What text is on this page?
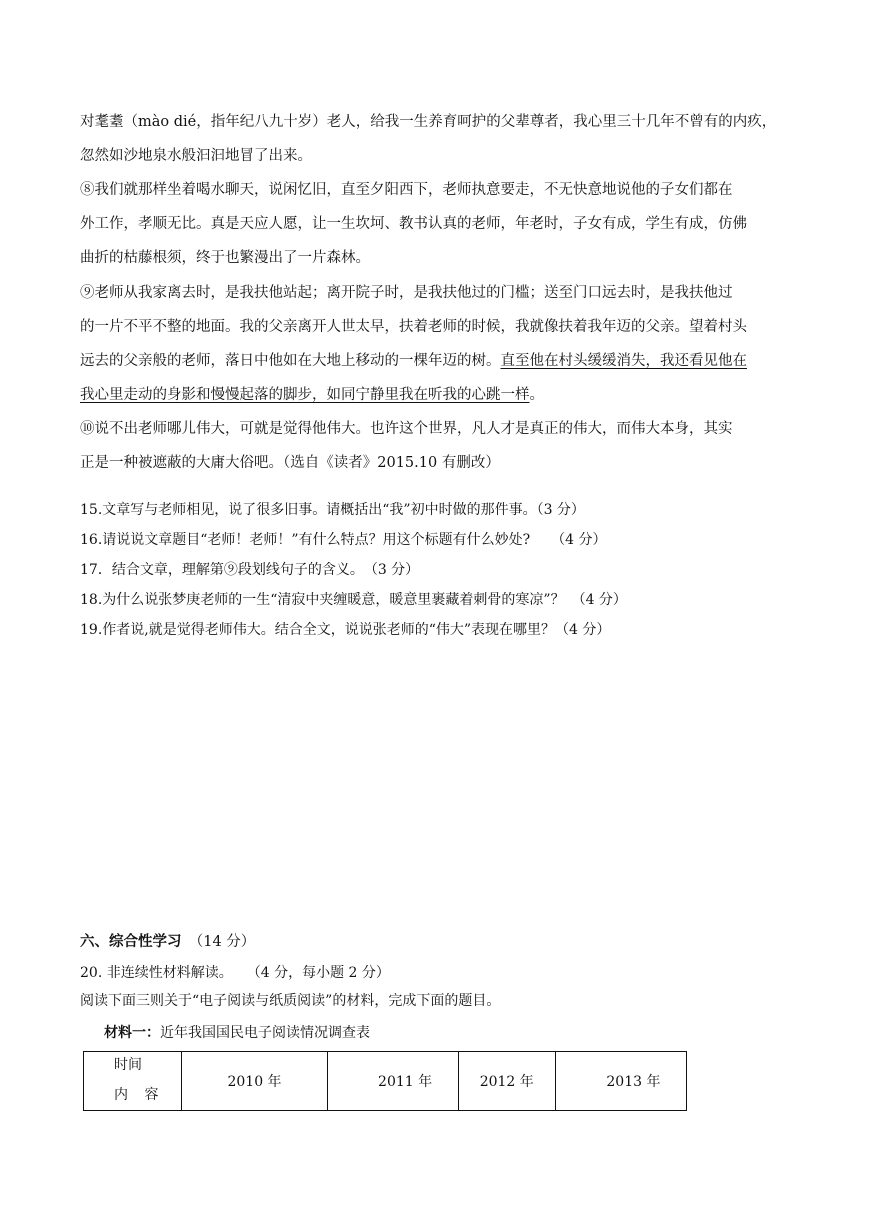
对耄耋（mào dié，指年纪八九十岁）老人，给我一生养育呵护的父辈尊者，我心里三十几年不曾有的内疚，
忽然如沙地泉水般汩汩地冒了出来。
⑧我们就那样坐着喝水聊天，说闲忆旧，直至夕阳西下，老师执意要走，不无快意地说他的子女们都在
外工作，孝顺无比。真是天应人愿，让一生坎坷、教书认真的老师，年老时，子女有成，学生有成，仿佛
曲折的枯藤根须，终于也繁漫出了一片森林。
⑨老师从我家离去时，是我扶他站起；离开院子时，是我扶他过的门槛；送至门口远去时，是我扶他过
的一片不平不整的地面。我的父亲离开人世太早，扶着老师的时候，我就像扶着我年迈的父亲。望着村头
远去的父亲般的老师，落日中他如在大地上移动的一棵年迈的树。直至他在村头缓缓消失，我还看见他在
我心里走动的身影和慢慢起落的脚步，如同宁静里我在听我的心跳一样。
⑩说不出老师哪儿伟大，可就是觉得他伟大。也许这个世界，凡人才是真正的伟大，而伟大本身，其实
正是一种被遮蔽的大庸大俗吧。（选自《读者》2015.10 有删改）
15.文章写与老师相见，说了很多旧事。请概括出“我”初中时做的那件事。（3 分）
16.请说说文章题目“老师！老师！”有什么特点？用这个标题有什么妙处?　　（4 分）
17．结合文章，理解第⑨段划线句子的含义。　（3 分）
18.为什么说张梦庚老师的一生“清寂中夹缠暖意，暖意里裹藏着刺骨的寒凉”？　（4 分）
19.作者说,就是觉得老师伟大。结合全文，说说张老师的“伟大”表现在哪里？（4 分）
六、综合性学习　（14 分）
20. 非连续性材料解读。　　（4 分，每小题 2 分）
阅读下面三则关于“电子阅读与纸质阅读”的材料，完成下面的题目。
材料一：近年我国国民电子阅读情况调查表
时间
内 容
	2010 年	2011 年	2012 年	2013 年
